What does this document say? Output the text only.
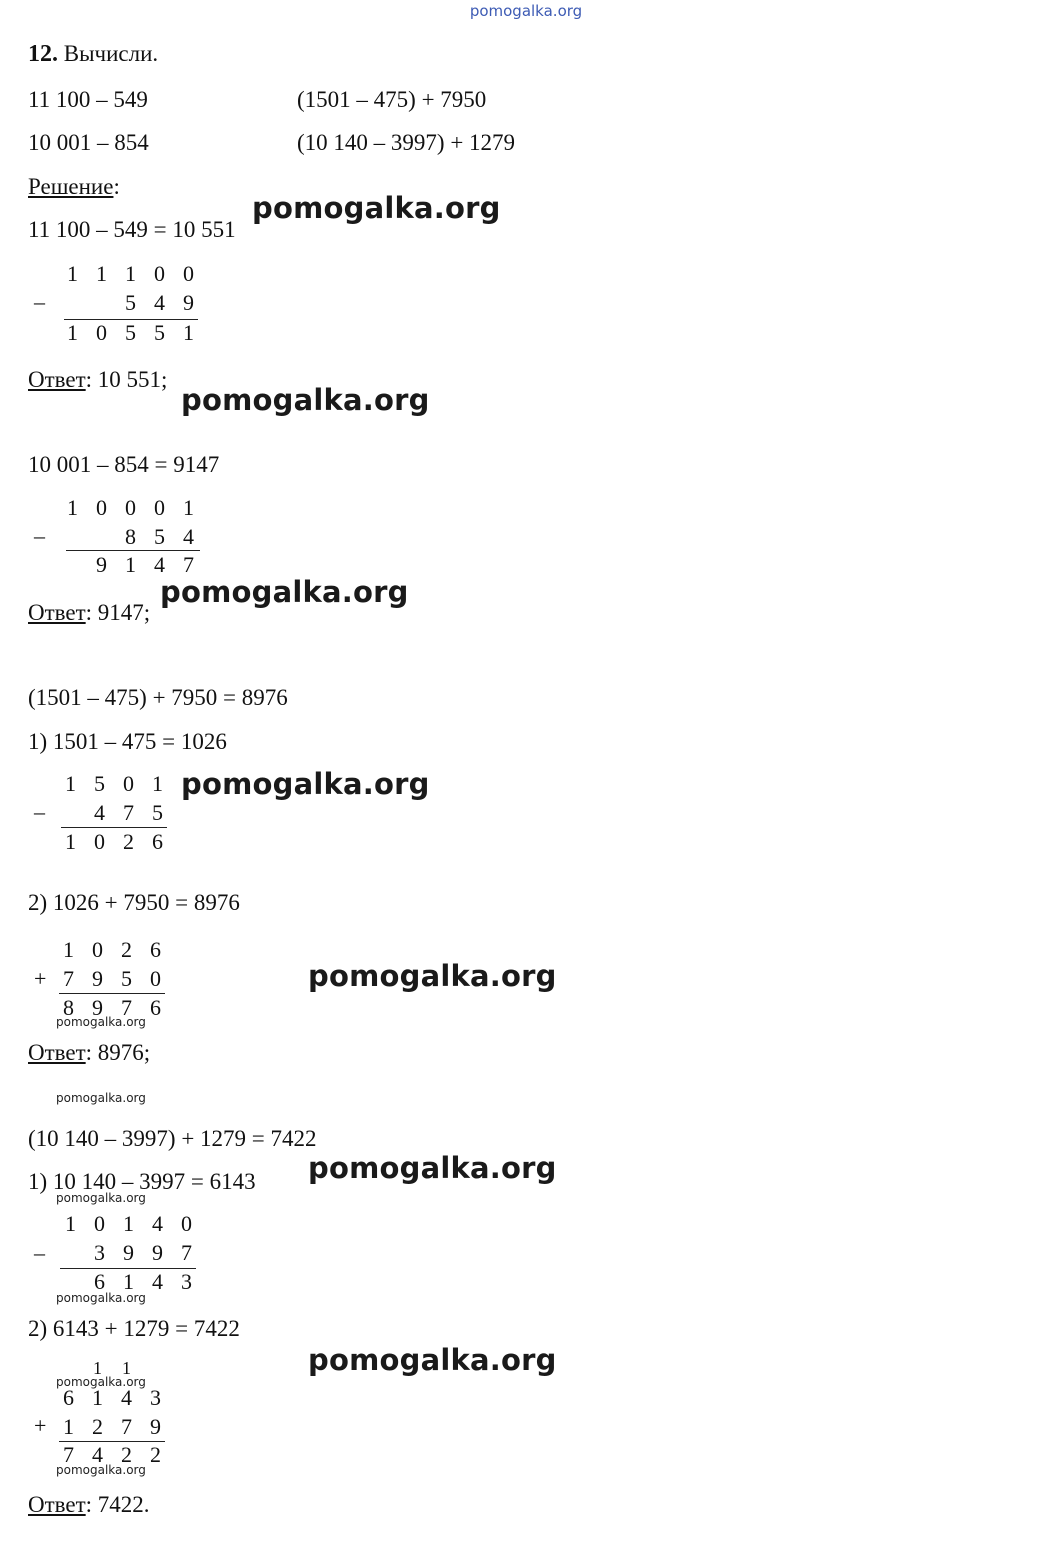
pomogalka.org
12. Вычисли.
11 100 – 549	(1501 – 475) + 7950
10 001 – 854	(10 140 – 3997) + 1279
Решение:
11 100 – 549 = 10 551
pomogalka.org
–
1 1 1 0 0
5 4 9
1 0 5 5 1
Ответ: 10 551;
pomogalka.org
10 001 – 854 = 9147
–
1 0 0 0 1
8 5 4
9 1 4 7
pomogalka.org
Ответ: 9147;
(1501 – 475) + 7950 = 8976
1) 1501 – 475 = 1026
–
1 5 0 1
4 7 5
1 0 2 6
pomogalka.org
2) 1026 + 7950 = 8976
+
1 0 2 6
7 9 5 0
8 9 7 6
pomogalka.org
pomogalka.org
Ответ: 8976;
pomogalka.org
(10 140 – 3997) + 1279 = 7422
pomogalka.org
1) 10 140 – 3997 = 6143
pomogalka.org
–
1 0 1 4 0
3 9 9 7
6 1 4 3
pomogalka.org
2) 6143 + 1279 = 7422
pomogalka.org
1	1
pomogalka.org
+
6 1 4 3
1 2 7 9
7 4 2 2
pomogalka.org
Ответ: 7422.
